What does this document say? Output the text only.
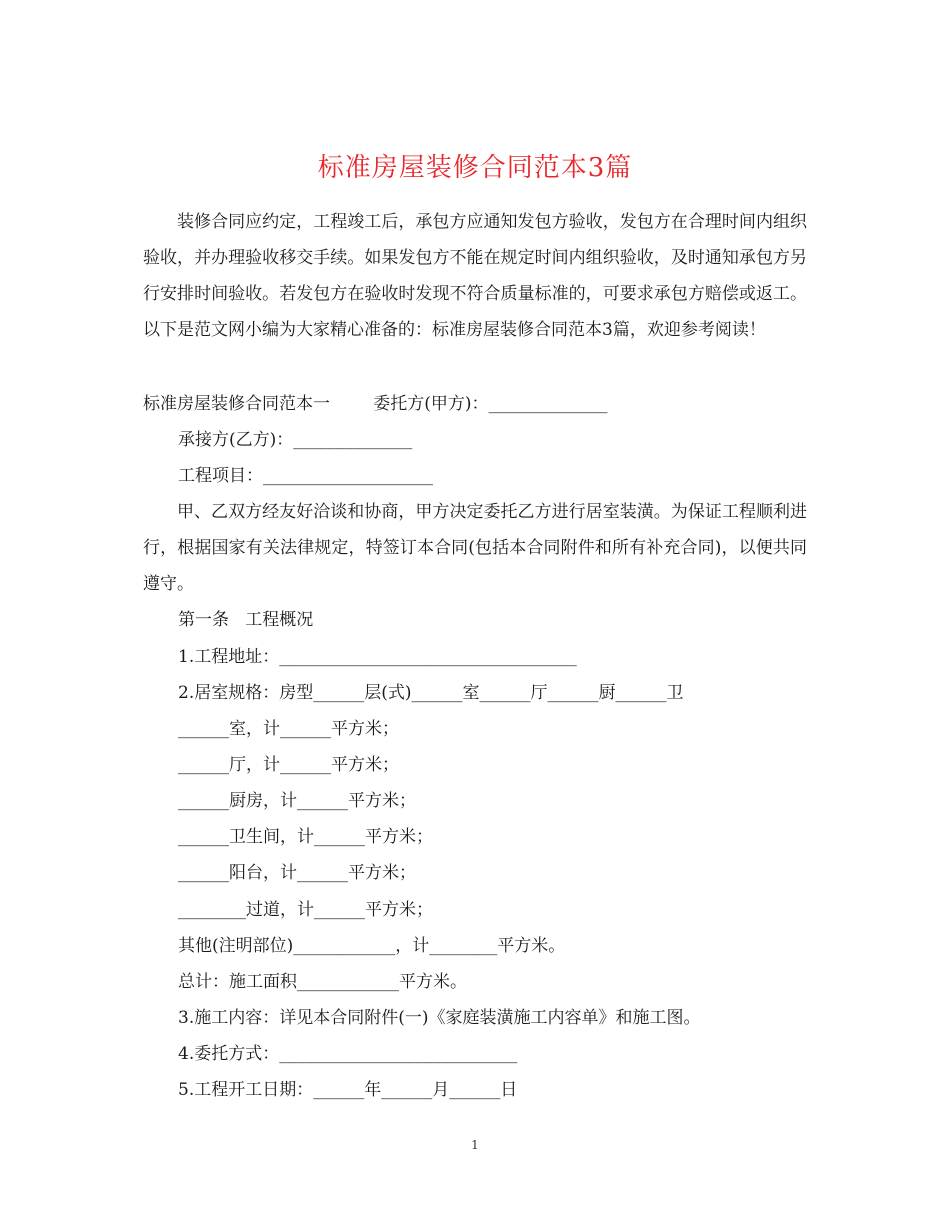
标准房屋装修合同范本3篇

装修合同应约定，工程竣工后，承包方应通知发包方验收，发包方在合理时间内组织验收，并办理验收移交手续。如果发包方不能在规定时间内组织验收，及时通知承包方另行安排时间验收。若发包方在验收时发现不符合质量标准的，可要求承包方赔偿或返工。以下是范文网小编为大家精心准备的：标准房屋装修合同范本3篇，欢迎参考阅读！

标准房屋装修合同范本一        委托方(甲方)：______________

承接方(乙方)：______________

工程项目：____________________

甲、乙双方经友好洽谈和协商，甲方决定委托乙方进行居室装潢。为保证工程顺利进行，根据国家有关法律规定，特签订本合同(包括本合同附件和所有补充合同)，以便共同遵守。

第一条   工程概况

1.工程地址：___________________________________

2.居室规格：房型______层(式)______室______厅______厨______卫

______室，计______平方米；

______厅，计______平方米；

______厨房，计______平方米；

______卫生间，计______平方米；

______阳台，计______平方米；

________过道，计______平方米；

其他(注明部位)____________，计________平方米。

总计：施工面积____________平方米。

3.施工内容：详见本合同附件(一)《家庭装潢施工内容单》和施工图。

4.委托方式：____________________________

5.工程开工日期：______年______月______日

1
